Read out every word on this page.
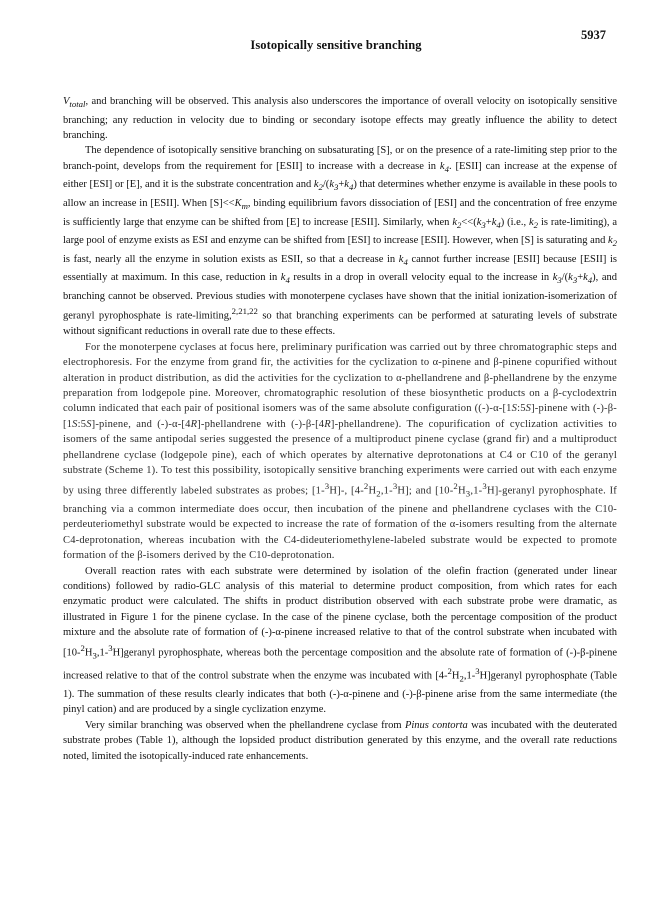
Isotopically sensitive branching
5937

$V_{total}$, and branching will be observed. This analysis also underscores the importance of overall velocity on isotopically sensitive branching; any reduction in velocity due to binding or secondary isotope effects may greatly influence the ability to detect branching.

The dependence of isotopically sensitive branching on subsaturating [S], or on the presence of a rate-limiting step prior to the branch-point, develops from the requirement for [ESII] to increase with a decrease in $k_4$. [ESII] can increase at the expense of either [ESI] or [E], and it is the substrate concentration and $k_2/(k_3+k_4)$ that determines whether enzyme is available in these pools to allow an increase in [ESII]. When $[S]<<K_m$, binding equilibrium favors dissociation of [ESI] and the concentration of free enzyme is sufficiently large that enzyme can be shifted from [E] to increase [ESII]. Similarly, when $k_2<<(k_3+k_4)$ (i.e., $k_2$ is rate-limiting), a large pool of enzyme exists as ESI and enzyme can be shifted from [ESI] to increase [ESII]. However, when [S] is saturating and $k_2$ is fast, nearly all the enzyme in solution exists as ESII, so that a decrease in $k_4$ cannot further increase [ESII] because [ESII] is essentially at maximum. In this case, reduction in $k_4$ results in a drop in overall velocity equal to the increase in $k_3/(k_3+k_4)$, and branching cannot be observed. Previous studies with monoterpene cyclases have shown that the initial ionization-isomerization of geranyl pyrophosphate is rate-limiting,$^{2,21,22}$ so that branching experiments can be performed at saturating levels of substrate without significant reductions in overall rate due to these effects.

For the monoterpene cyclases at focus here, preliminary purification was carried out by three chromatographic steps and electrophoresis. For the enzyme from grand fir, the activities for the cyclization to α-pinene and β-pinene copurified without alteration in product distribution, as did the activities for the cyclization to α-phellandrene and β-phellandrene by the enzyme preparation from lodgepole pine. Moreover, chromatographic resolution of these biosynthetic products on a β-cyclodextrin column indicated that each pair of positional isomers was of the same absolute configuration ((-)-α-[1S:5S]-pinene with (-)-β-[1S:5S]-pinene, and (-)-α-[4R]-phellandrene with (-)-β-[4R]-phellandrene). The copurification of cyclization activities to isomers of the same antipodal series suggested the presence of a multiproduct pinene cyclase (grand fir) and a multiproduct phellandrene cyclase (lodgepole pine), each of which operates by alternative deprotonations at C4 or C10 of the geranyl substrate (Scheme 1). To test this possibility, isotopically sensitive branching experiments were carried out with each enzyme by using three differently labeled substrates as probes; [1-$^3$H]-, $[4-^2H_2,1-^3H]$; and $[10-^2H_3,1-^3H]$-geranyl pyrophosphate. If branching via a common intermediate does occur, then incubation of the pinene and phellandrene cyclases with the C10-perdeuteriomethyl substrate would be expected to increase the rate of formation of the α-isomers resulting from the alternate C4-deprotonation, whereas incubation with the C4-dideuteriomethylene-labeled substrate would be expected to promote formation of the β-isomers derived by the C10-deprotonation.

Overall reaction rates with each substrate were determined by isolation of the olefin fraction (generated under linear conditions) followed by radio-GLC analysis of this material to determine product composition, from which rates for each enzymatic product were calculated. The shifts in product distribution observed with each substrate probe were dramatic, as illustrated in Figure 1 for the pinene cyclase. In the case of the pinene cyclase, both the percentage composition of the product mixture and the absolute rate of formation of (-)-α-pinene increased relative to that of the control substrate when incubated with $[10-^2H_3,1-^3H]geranyl$ pyrophosphate, whereas both the percentage composition and the absolute rate of formation of (-)-β-pinene increased relative to that of the control substrate when the enzyme was incubated with $[4-^2H_2,1-^3H]geranyl$ pyrophosphate (Table 1). The summation of these results clearly indicates that both (-)-α-pinene and (-)-β-pinene arise from the same intermediate (the pinyl cation) and are produced by a single cyclization enzyme.

Very similar branching was observed when the phellandrene cyclase from Pinus contorta was incubated with the deuterated substrate probes (Table 1), although the lopsided product distribution generated by this enzyme, and the overall rate reductions noted, limited the isotopically-induced rate enhancements.
